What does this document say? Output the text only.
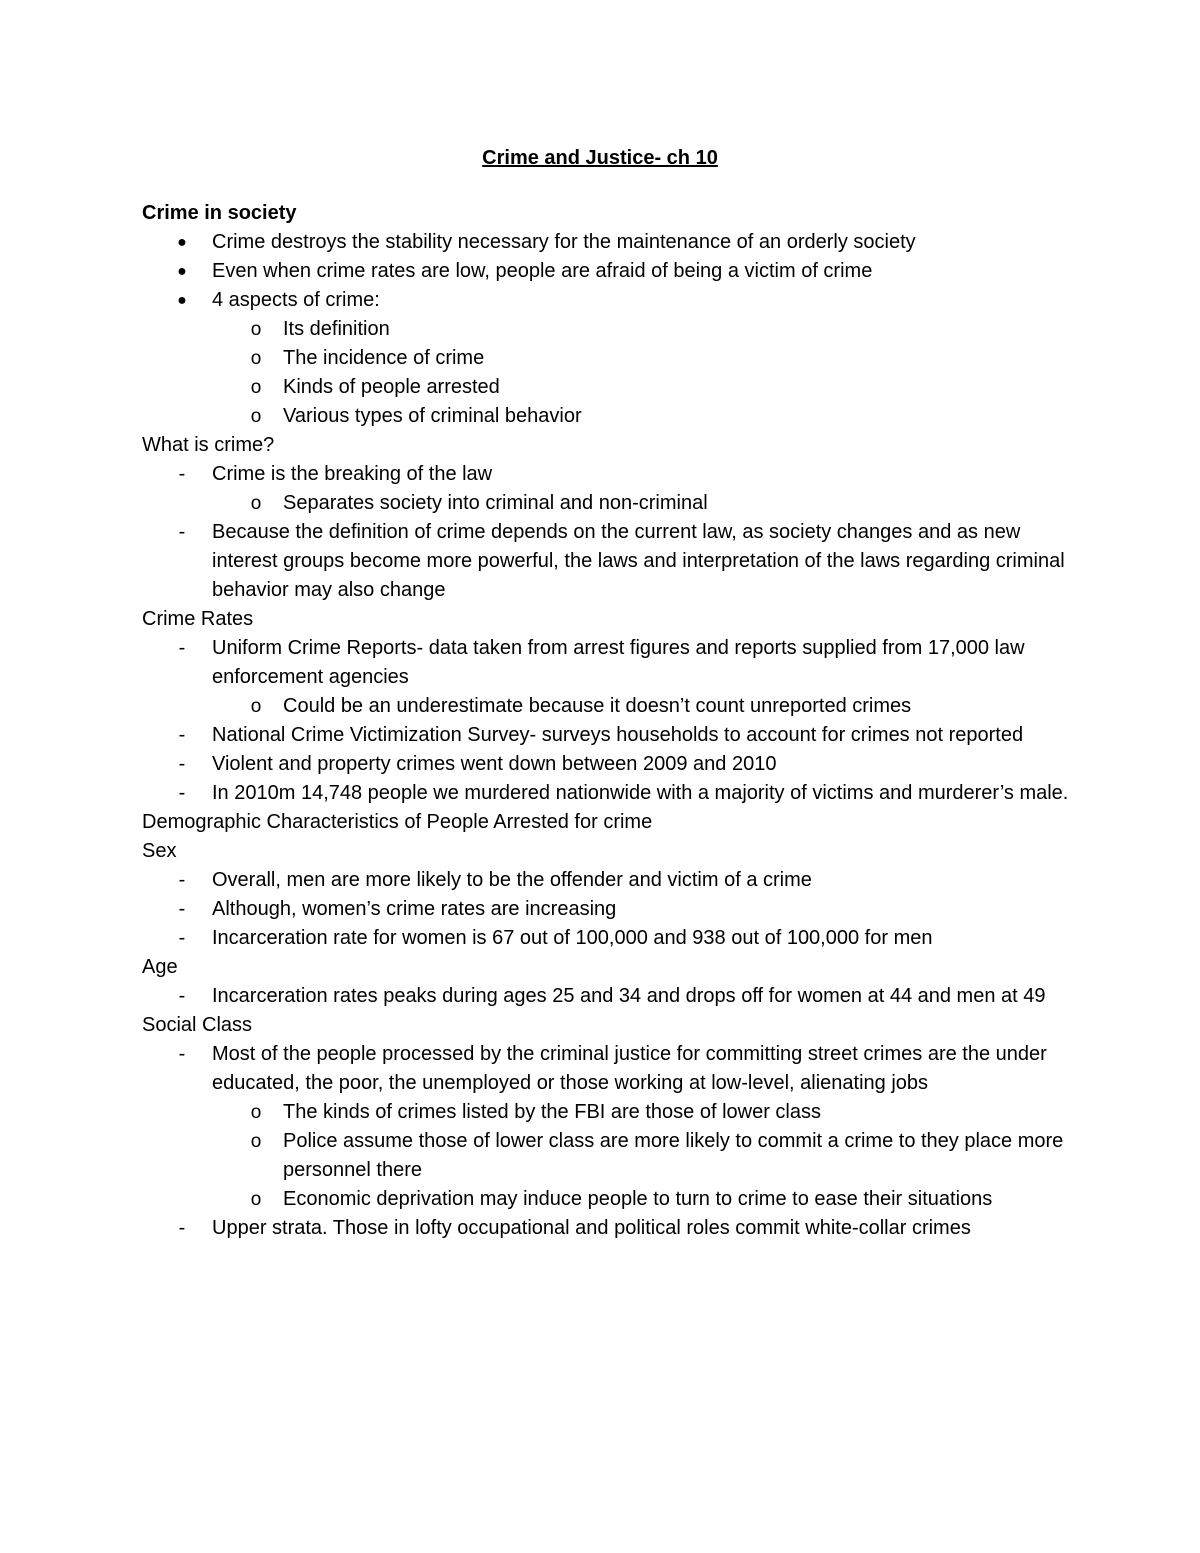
Crime and Justice- ch 10
Crime in society
● Crime destroys the stability necessary for the maintenance of an orderly society
● Even when crime rates are low, people are afraid of being a victim of crime
● 4 aspects of crime:
o Its definition
o The incidence of crime
o Kinds of people arrested
o Various types of criminal behavior
What is crime?
-	Crime is the breaking of the law
o Separates society into criminal and non-criminal
-	Because the definition of crime depends on the current law, as society changes and as new interest groups become more powerful, the laws and interpretation of the laws regarding criminal behavior may also change
Crime Rates
-	Uniform Crime Reports- data taken from arrest figures and reports supplied from 17,000 law enforcement agencies
o Could be an underestimate because it doesn’t count unreported crimes
-	National Crime Victimization Survey- surveys households to account for crimes not reported
-	Violent and property crimes went down between 2009 and 2010
-	In 2010m 14,748 people we murdered nationwide with a majority of victims and murderer’s male.
Demographic Characteristics of People Arrested for crime
Sex
-	Overall, men are more likely to be the offender and victim of a crime
-	Although, women’s crime rates are increasing
-	Incarceration rate for women is 67 out of 100,000 and 938 out of 100,000 for men
Age
-	Incarceration rates peaks during ages 25 and 34 and drops off for women at 44 and men at 49
Social Class
-	Most of the people processed by the criminal justice for committing street crimes are the under educated, the poor, the unemployed or those working at low-level, alienating jobs
o The kinds of crimes listed by the FBI are those of lower class
o Police assume those of lower class are more likely to commit a crime to they place more personnel there
o Economic deprivation may induce people to turn to crime to ease their situations
-	Upper strata. Those in lofty occupational and political roles commit white-collar crimes
